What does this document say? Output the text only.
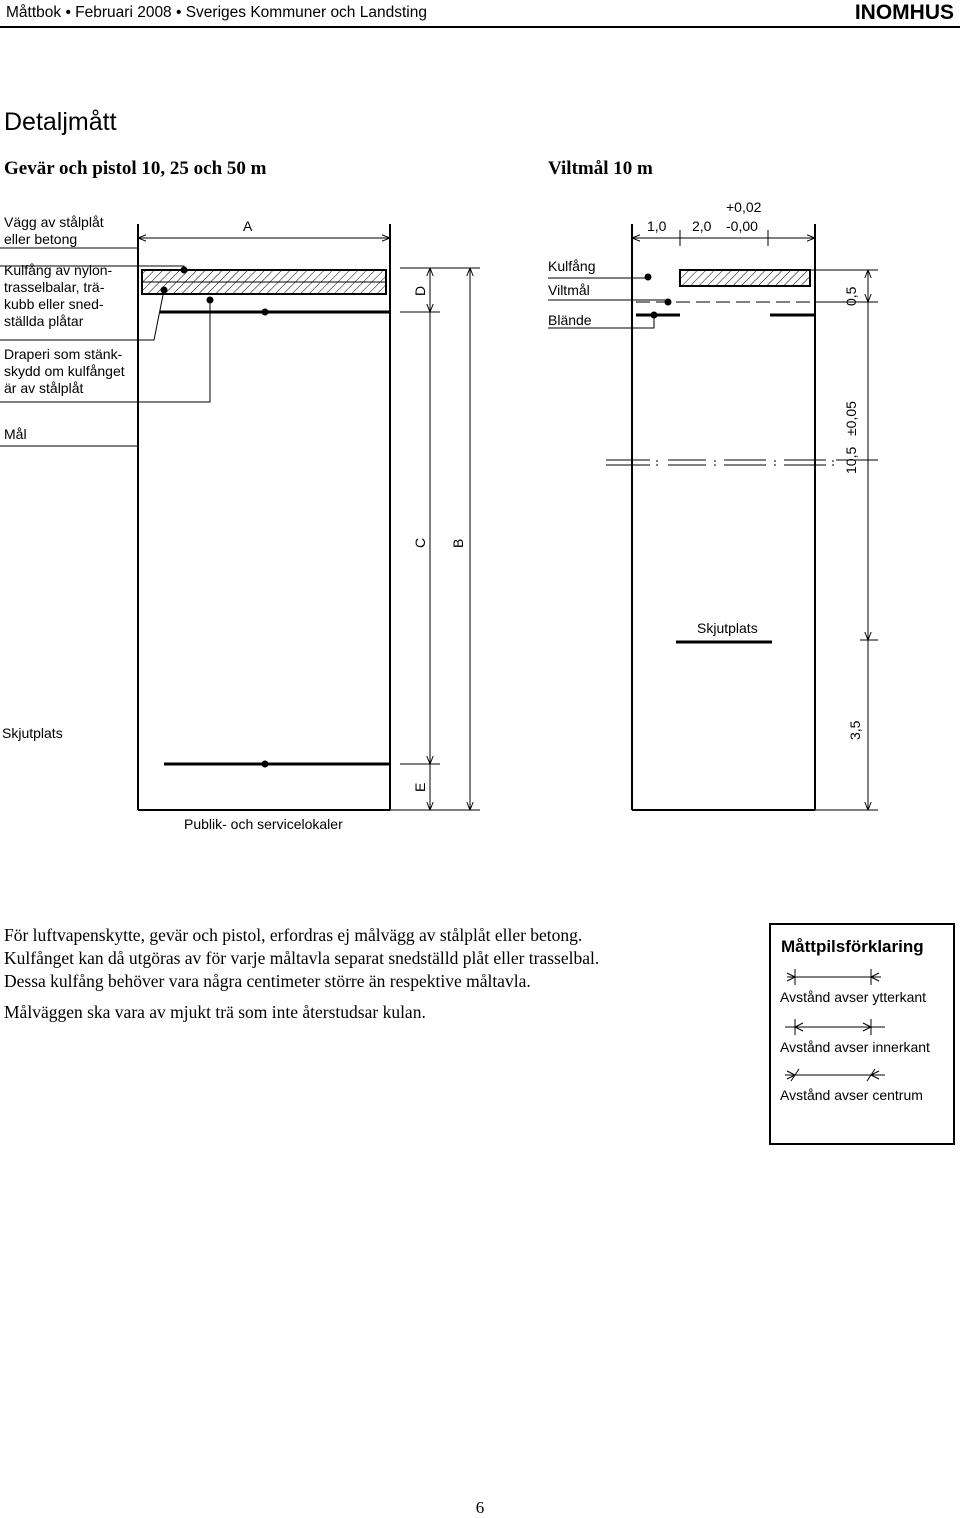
Måttbok • Februari 2008 • Sveriges Kommuner och Landsting	INOMHUS
Detaljmått
Gevär och pistol 10, 25 och 50 m	Viltmål 10 m
Vägg av stålplåt
eller betong
Kulfång av nylon-
trasselbalar, trä-
kubb eller sned-
ställda plåtar
Draperi som stänk-
skydd om kulfånget
är av stålplåt
Mål
Skjutplats
Publik- och servicelokaler
A
D
C B
E
Kulfång
Viltmål
Blände
Skjutplats
1,0 2,0
+0,02
-0,00
0,5
10,5
±0,05
3,5

För luftvapenskytte, gevär och pistol, erfordras ej målvägg av stålplåt eller betong.

Kulfånget kan då utgöras av för varje måltavla separat snedställd plåt eller trasselbal.

Dessa kulfång behöver vara några centimeter större än respektive måltavla.

Målväggen ska vara av mjukt trä som inte återstudsar kulan.

Måttpilsförklaring
Avstånd avser ytterkant
Avstånd avser innerkant
Avstånd avser centrum
6
